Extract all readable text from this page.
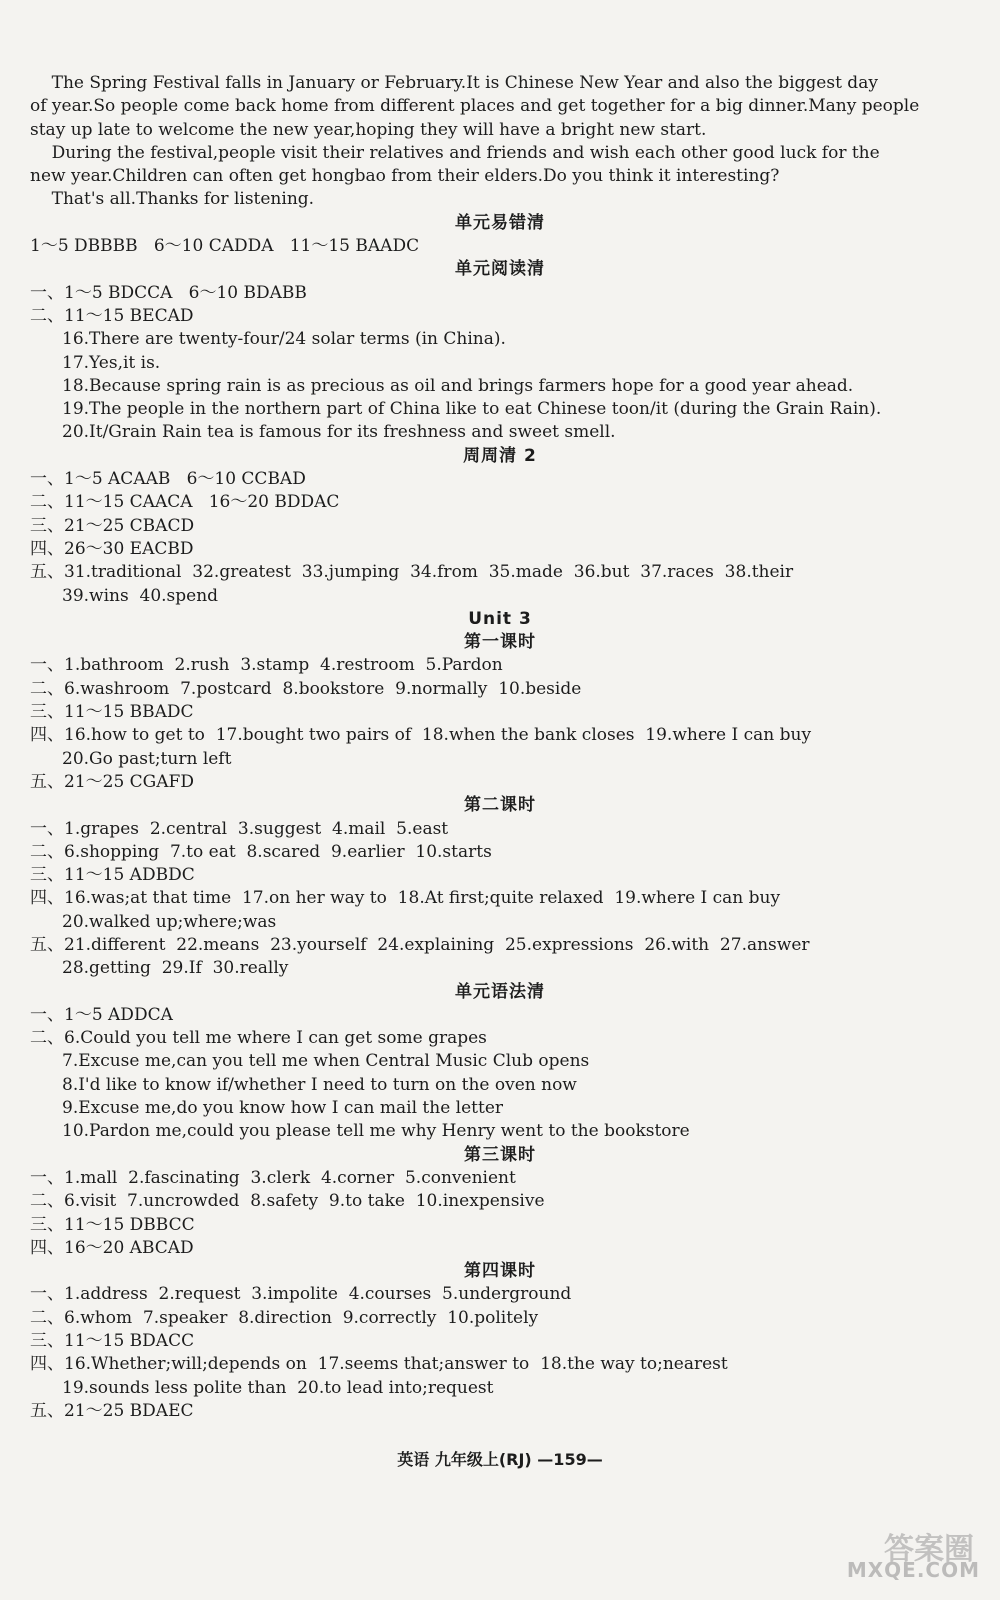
The Spring Festival falls in January or February.It is Chinese New Year and also the biggest day
of year.So people come back home from different places and get together for a big dinner.Many people
stay up late to welcome the new year,hoping they will have a bright new start.
During the festival,people visit their relatives and friends and wish each other good luck for the
new year.Children can often get hongbao from their elders.Do you think it interesting?
That's all.Thanks for listening.
单元易错清
1～5 DBBBB   6～10 CADDA   11～15 BAADC
单元阅读清
一、1～5 BDCCA   6～10 BDABB
二、11～15 BECAD
16.There are twenty-four/24 solar terms (in China).
17.Yes,it is.
18.Because spring rain is as precious as oil and brings farmers hope for a good year ahead.
19.The people in the northern part of China like to eat Chinese toon/it (during the Grain Rain).
20.It/Grain Rain tea is famous for its freshness and sweet smell.
周周清 2
一、1～5 ACAAB   6～10 CCBAD
二、11～15 CAACA   16～20 BDDAC
三、21～25 CBACD
四、26～30 EACBD
五、31.traditional  32.greatest  33.jumping  34.from  35.made  36.but  37.races  38.their
39.wins  40.spend
Unit 3
第一课时
一、1.bathroom  2.rush  3.stamp  4.restroom  5.Pardon
二、6.washroom  7.postcard  8.bookstore  9.normally  10.beside
三、11～15 BBADC
四、16.how to get to  17.bought two pairs of  18.when the bank closes  19.where I can buy
20.Go past;turn left
五、21～25 CGAFD
第二课时
一、1.grapes  2.central  3.suggest  4.mail  5.east
二、6.shopping  7.to eat  8.scared  9.earlier  10.starts
三、11～15 ADBDC
四、16.was;at that time  17.on her way to  18.At first;quite relaxed  19.where I can buy
20.walked up;where;was
五、21.different  22.means  23.yourself  24.explaining  25.expressions  26.with  27.answer
28.getting  29.If  30.really
单元语法清
一、1～5 ADDCA
二、6.Could you tell me where I can get some grapes
7.Excuse me,can you tell me when Central Music Club opens
8.I'd like to know if/whether I need to turn on the oven now
9.Excuse me,do you know how I can mail the letter
10.Pardon me,could you please tell me why Henry went to the bookstore
第三课时
一、1.mall  2.fascinating  3.clerk  4.corner  5.convenient
二、6.visit  7.uncrowded  8.safety  9.to take  10.inexpensive
三、11～15 DBBCC
四、16～20 ABCAD
第四课时
一、1.address  2.request  3.impolite  4.courses  5.underground
二、6.whom  7.speaker  8.direction  9.correctly  10.politely
三、11～15 BDACC
四、16.Whether;will;depends on  17.seems that;answer to  18.the way to;nearest
19.sounds less polite than  20.to lead into;request
五、21～25 BDAEC
英语 九年级上(RJ) —159—
答案圈
MXQE.COM
